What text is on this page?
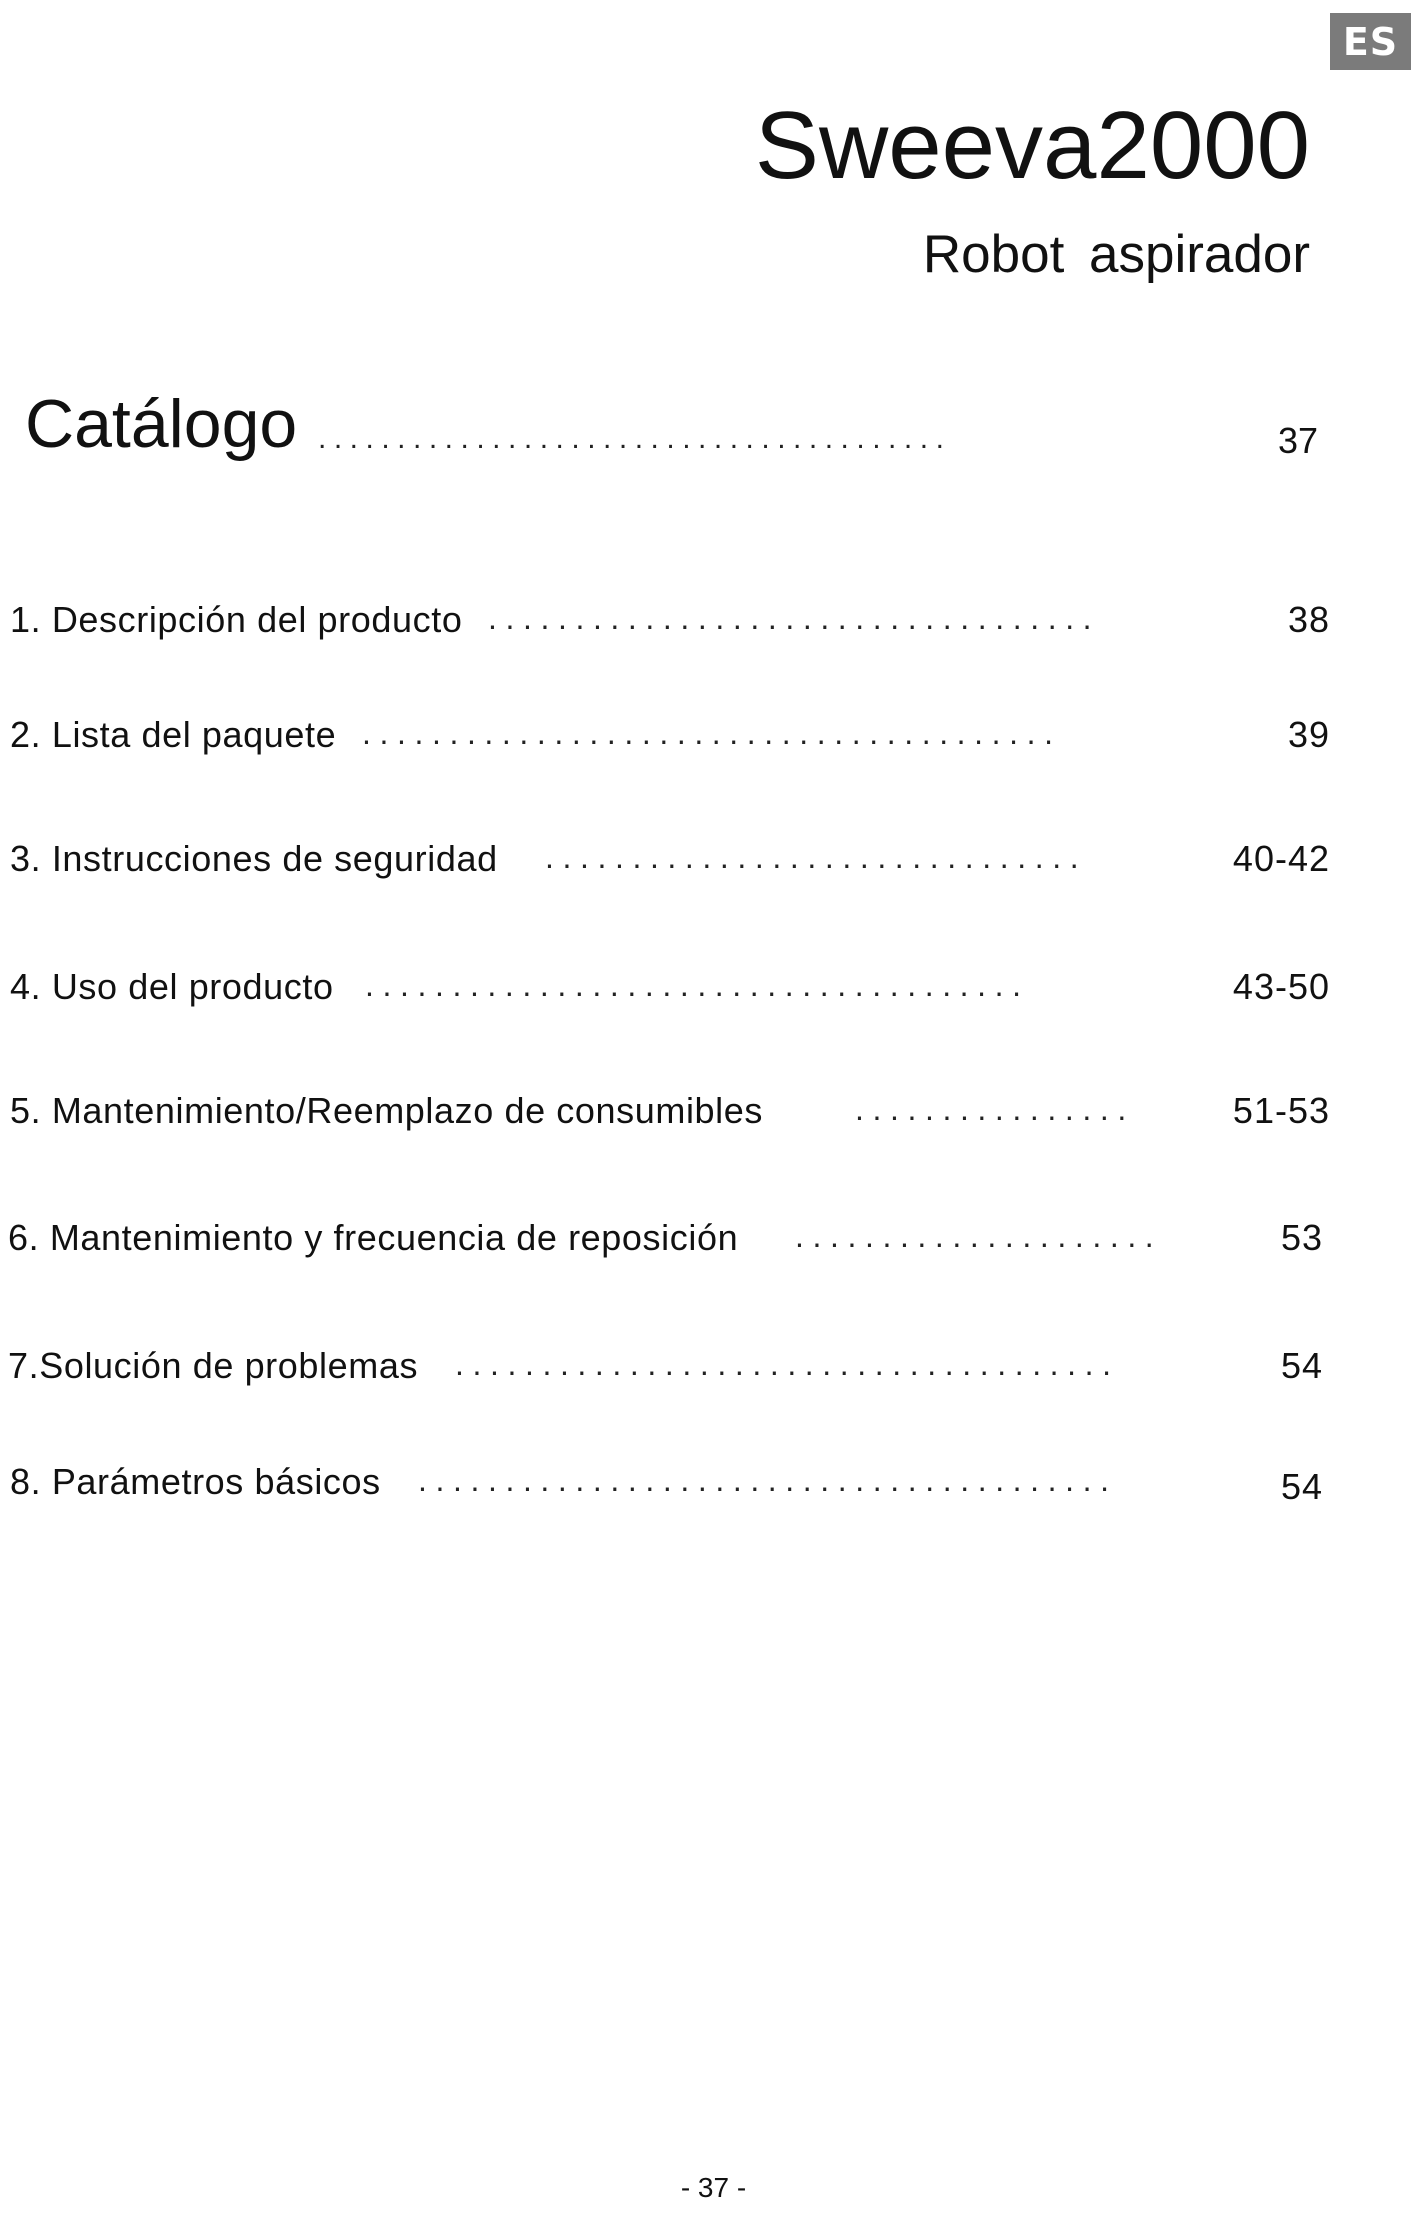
ES
Sweeva2000
Robot aspirador
Catálogo ........................................	37
1. Descripción del producto ...................................	38
2. Lista del paquete ........................................	39
3. Instrucciones de seguridad ...............................	40-42
4. Uso del producto ......................................	43-50
5. Mantenimiento/Reemplazo de consumibles	................	51-53
6. Mantenimiento y frecuencia de reposición .....................	53
7.Solución de problemas ......................................	54
8. Parámetros básicos ........................................	54
- 37 -
